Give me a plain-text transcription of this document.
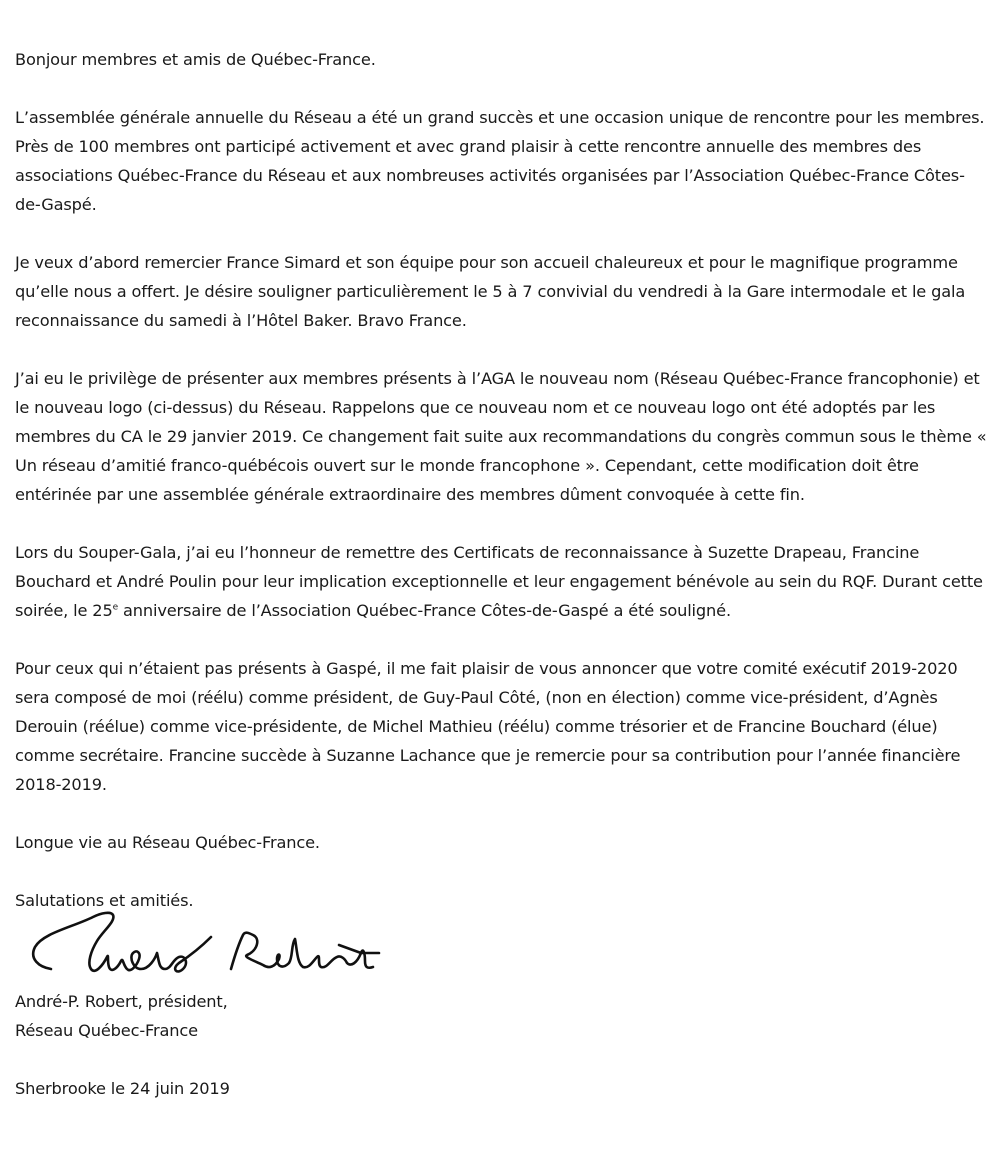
Bonjour membres et amis de Québec-France.

L’assemblée générale annuelle du Réseau a été un grand succès et une occasion unique de rencontre pour les membres. Près de 100 membres ont participé activement et avec grand plaisir à cette rencontre annuelle des membres des associations Québec-France du Réseau et aux nombreuses activités organisées par l’Association Québec-France Côtes-de-Gaspé.

Je veux d’abord remercier France Simard et son équipe pour son accueil chaleureux et pour le magnifique programme qu’elle nous a offert. Je désire souligner particulièrement le 5 à 7 convivial du vendredi à la Gare intermodale et le gala reconnaissance du samedi à l’Hôtel Baker. Bravo France.

J’ai eu le privilège de présenter aux membres présents à l’AGA le nouveau nom (Réseau Québec-France francophonie) et le nouveau logo (ci-dessus) du Réseau. Rappelons que ce nouveau nom et ce nouveau logo ont été adoptés par les membres du CA le 29 janvier 2019. Ce changement fait suite aux recommandations du congrès commun sous le thème « Un réseau d’amitié franco-québécois ouvert sur le monde francophone ». Cependant, cette modification doit être entérinée par une assemblée générale extraordinaire des membres dûment convoquée à cette fin.

Lors du Souper-Gala, j’ai eu l’honneur de remettre des Certificats de reconnaissance à Suzette Drapeau, Francine Bouchard et André Poulin pour leur implication exceptionnelle et leur engagement bénévole au sein du RQF. Durant cette soirée, le 25e anniversaire de l’Association Québec-France Côtes-de-Gaspé a été souligné.

Pour ceux qui n’étaient pas présents à Gaspé, il me fait plaisir de vous annoncer que votre comité exécutif 2019-2020 sera composé de moi (réélu) comme président, de Guy-Paul Côté, (non en élection) comme vice-président, d’Agnès Derouin (réélue) comme vice-présidente, de Michel Mathieu (réélu) comme trésorier et de Francine Bouchard (élue) comme secrétaire. Francine succède à Suzanne Lachance que je remercie pour sa contribution pour l’année financière 2018-2019.

Longue vie au Réseau Québec-France.

Salutations et amitiés.

André-P. Robert, président,
Réseau Québec-France

Sherbrooke le 24 juin 2019
